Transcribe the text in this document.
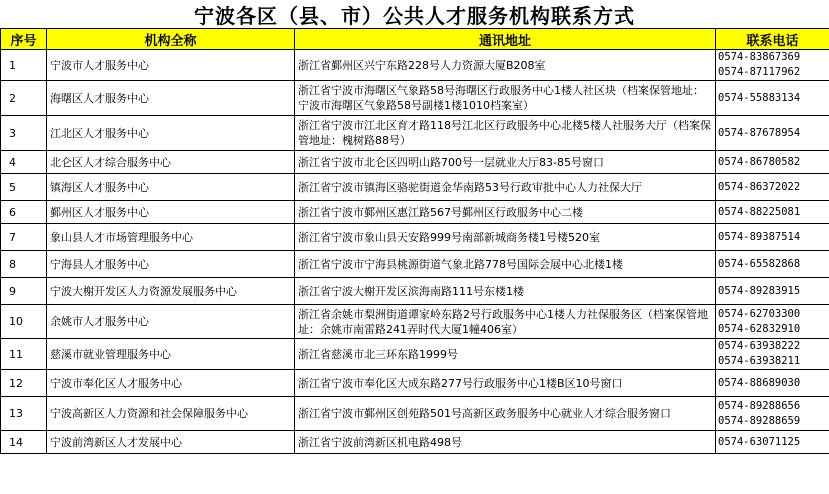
宁波各区（县、市）公共人才服务机构联系方式
序号	机构全称	通讯地址	联系电话
1	宁波市人才服务中心	浙江省鄞州区兴宁东路228号人力资源大厦B208室	0574-83867369
0574-87117962

2	海曙区人才服务中心	浙江省宁波市海曙区气象路58号海曙区行政服务中心1楼人社区块（档案保管地址：宁波市海曙区气象路58号副楼1楼1010档案室）	0574-55883134

3	江北区人才服务中心	浙江省宁波市江北区育才路118号江北区行政服务中心北楼5楼人社服务大厅（档案保管地址：槐树路88号）	0574-87678954

4	北仑区人才综合服务中心	浙江省宁波市北仑区四明山路700号一层就业大厅83-85号窗口	0574-86780582

5	镇海区人才服务中心	浙江省宁波市镇海区骆驼街道金华南路53号行政审批中心人力社保大厅	0574-86372022

6	鄞州区人才服务中心	浙江省宁波市鄞州区惠江路567号鄞州区行政服务中心二楼	0574-88225081

7	象山县人才市场管理服务中心	浙江省宁波市象山县天安路999号南部新城商务楼1号楼520室	0574-89387514

8	宁海县人才服务中心	浙江省宁波市宁海县桃源街道气象北路778号国际会展中心北楼1楼	0574-65582868

9	宁波大榭开发区人力资源发展服务中心	浙江省宁波大榭开发区滨海南路111号东楼1楼	0574-89283915

10	余姚市人才服务中心	浙江省余姚市梨洲街道谭家岭东路2号行政服务中心1楼人力社保服务区（档案保管地址：余姚市南雷路241弄时代大厦1幢406室）	0574-62703300
0574-62832910

11	慈溪市就业管理服务中心	浙江省慈溪市北三环东路1999号	0574-63938222
0574-63938211

12	宁波市奉化区人才服务中心	浙江省宁波市奉化区大成东路277号行政服务中心1楼B区10号窗口	0574-88689030

13	宁波高新区人力资源和社会保障服务中心	浙江省宁波市鄞州区创苑路501号高新区政务服务中心就业人才综合服务窗口	0574-89288656
0574-89288659

14	宁波前湾新区人才发展中心	浙江省宁波前湾新区机电路498号	0574-63071125
